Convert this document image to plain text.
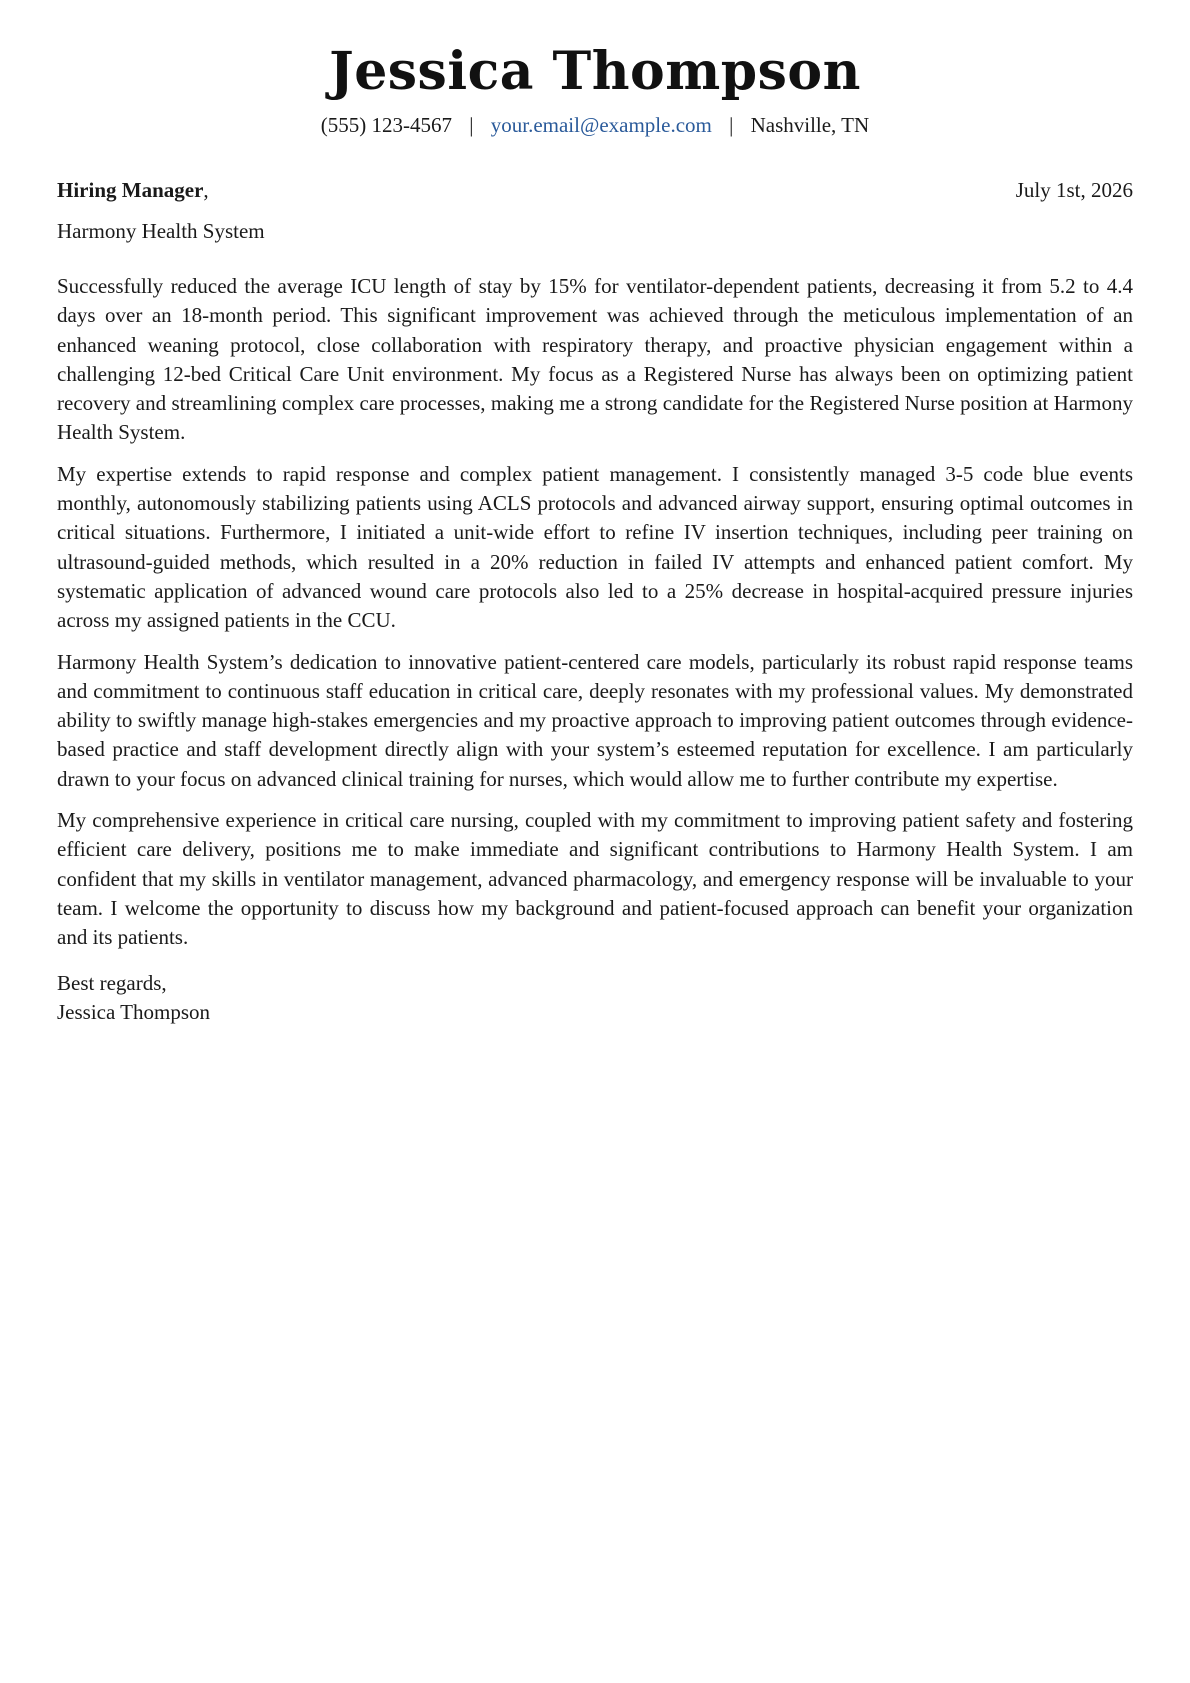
Jessica Thompson
(555) 123-4567 | your.email@example.com | Nashville, TN
Hiring Manager,	July 1st, 2026
Harmony Health System

Successfully reduced the average ICU length of stay by 15% for ventilator-dependent patients, decreasing it from 5.2 to 4.4 days over an 18-month period. This significant improvement was achieved through the meticulous implementation of an enhanced weaning protocol, close collaboration with respiratory therapy, and proactive physician engagement within a challenging 12-bed Critical Care Unit environment. My focus as a Registered Nurse has always been on optimizing patient recovery and streamlining complex care processes, making me a strong candidate for the Registered Nurse position at Harmony Health System.

My expertise extends to rapid response and complex patient management. I consistently managed 3-5 code blue events monthly, autonomously stabilizing patients using ACLS protocols and advanced airway support, ensuring optimal outcomes in critical situations. Furthermore, I initiated a unit-wide effort to refine IV insertion techniques, including peer training on ultrasound-guided methods, which resulted in a 20% reduction in failed IV attempts and enhanced patient comfort. My systematic application of advanced wound care protocols also led to a 25% decrease in hospital-acquired pressure injuries across my assigned patients in the CCU.

Harmony Health System’s dedication to innovative patient-centered care models, particularly its robust rapid response teams and commitment to continuous staff education in critical care, deeply resonates with my professional values. My demonstrated ability to swiftly manage high-stakes emergencies and my proactive approach to improving patient outcomes through evidence-based practice and staff development directly align with your system’s esteemed reputation for excellence. I am particularly drawn to your focus on advanced clinical training for nurses, which would allow me to further contribute my expertise.

My comprehensive experience in critical care nursing, coupled with my commitment to improving patient safety and fostering efficient care delivery, positions me to make immediate and significant contributions to Harmony Health System. I am confident that my skills in ventilator management, advanced pharmacology, and emergency response will be invaluable to your team. I welcome the opportunity to discuss how my background and patient-focused approach can benefit your organization and its patients.

Best regards,
Jessica Thompson
